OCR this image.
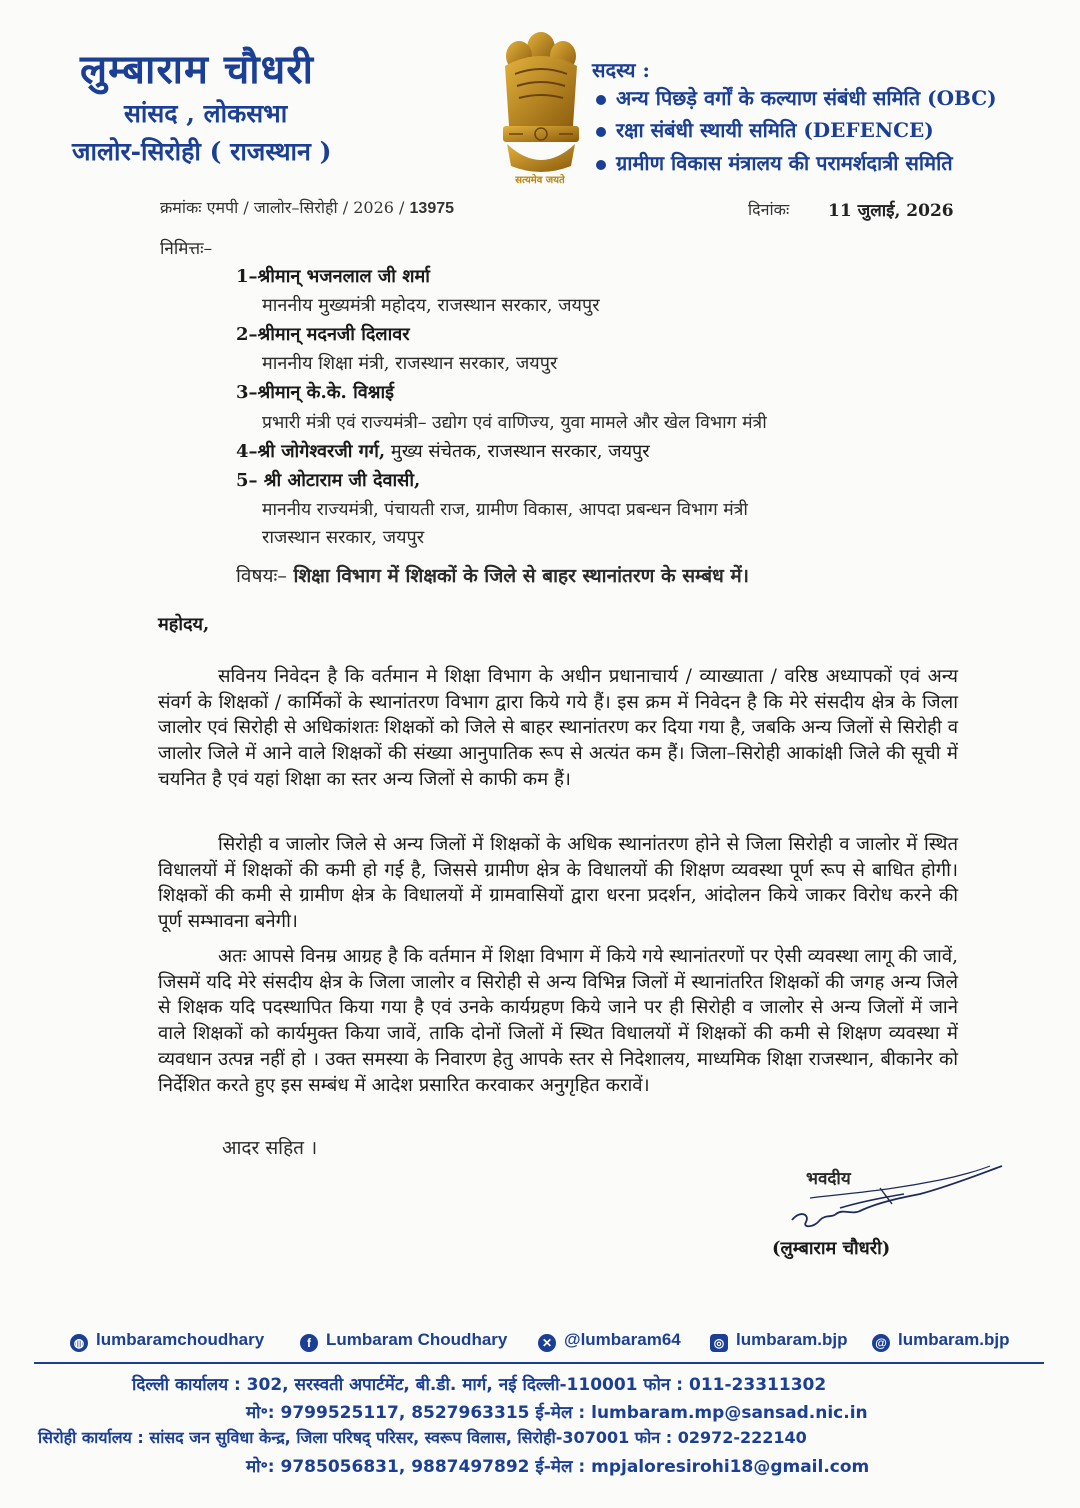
लुम्बाराम चौधरी
सांसद , लोकसभा
जालोर-सिरोही ( राजस्थान )
सत्यमेव जयते
सदस्य :
अन्य पिछड़े वर्गों के कल्याण संबंधी समिति (OBC)
रक्षा संबंधी स्थायी समिति (DEFENCE)
ग्रामीण विकास मंत्रालय की परामर्शदात्री समिति
क्रमांकः एमपी / जालोर–सिरोही / 2026 / 13975	दिनांकः 11 जुलाई, 2026
निमित्तः–
1–श्रीमान् भजनलाल जी शर्मा
माननीय मुख्यमंत्री महोदय, राजस्थान सरकार, जयपुर
2–श्रीमान् मदनजी दिलावर
माननीय शिक्षा मंत्री, राजस्थान सरकार, जयपुर
3–श्रीमान् के.के. विश्नाई
प्रभारी मंत्री एवं राज्यमंत्री– उद्योग एवं वाणिज्य, युवा मामले और खेल विभाग मंत्री
4–श्री जोगेश्वरजी गर्ग, मुख्य संचेतक, राजस्थान सरकार, जयपुर
5– श्री ओटाराम जी देवासी,
माननीय राज्यमंत्री, पंचायती राज, ग्रामीण विकास, आपदा प्रबन्धन विभाग मंत्री
राजस्थान सरकार, जयपुर
विषयः– शिक्षा विभाग में शिक्षकों के जिले से बाहर स्थानांतरण के सम्बंध में।
महोदय,

सविनय निवेदन है कि वर्तमान मे शिक्षा विभाग के अधीन प्रधानाचार्य / व्याख्याता / वरिष्ठ अध्यापकों एवं अन्य संवर्ग के शिक्षकों / कार्मिकों के स्थानांतरण विभाग द्वारा किये गये हैं। इस क्रम में निवेदन है कि मेरे संसदीय क्षेत्र के जिला जालोर एवं सिरोही से अधिकांशतः शिक्षकों को जिले से बाहर स्थानांतरण कर दिया गया है, जबकि अन्य जिलों से सिरोही व जालोर जिले में आने वाले शिक्षकों की संख्या आनुपातिक रूप से अत्यंत कम हैं। जिला–सिरोही आकांक्षी जिले की सूची में चयनित है एवं यहां शिक्षा का स्तर अन्य जिलों से काफी कम हैं।

सिरोही व जालोर जिले से अन्य जिलों में शिक्षकों के अधिक स्थानांतरण होने से जिला सिरोही व जालोर में स्थित विधालयों में शिक्षकों की कमी हो गई है, जिससे ग्रामीण क्षेत्र के विधालयों की शिक्षण व्यवस्था पूर्ण रूप से बाधित होगी। शिक्षकों की कमी से ग्रामीण क्षेत्र के विधालयों में ग्रामवासियों द्वारा धरना प्रदर्शन, आंदोलन किये जाकर विरोध करने की पूर्ण सम्भावना बनेगी।

अतः आपसे विनम्र आग्रह है कि वर्तमान में शिक्षा विभाग में किये गये स्थानांतरणों पर ऐसी व्यवस्था लागू की जावें, जिसमें यदि मेरे संसदीय क्षेत्र के जिला जालोर व सिरोही से अन्य विभिन्न जिलों में स्थानांतरित शिक्षकों की जगह अन्य जिले से शिक्षक यदि पदस्थापित किया गया है एवं उनके कार्यग्रहण किये जाने पर ही सिरोही व जालोर से अन्य जिलों में जाने वाले शिक्षकों को कार्यमुक्त किया जावें, ताकि दोनों जिलों में स्थित विधालयों में शिक्षकों की कमी से शिक्षण व्यवस्था में व्यवधान उत्पन्न नहीं हो । उक्त समस्या के निवारण हेतु आपके स्तर से निदेशालय, माध्यमिक शिक्षा राजस्थान, बीकानेर को निर्देशित करते हुए इस सम्बंध में आदेश प्रसारित करवाकर अनुगृहित करावें।

आदर सहित ।
भवदीय
(लुम्बाराम चौधरी)
◍ lumbaramchoudhary	f Lumbaram Choudhary	✕ @lumbaram64	◎ lumbaram.bjp @ lumbaram.bjp
दिल्ली कार्यालय : 302, सरस्वती अपार्टमेंट, बी.डी. मार्ग, नई दिल्ली-110001 फोन : 011-23311302
मो॰: 9799525117, 8527963315 ई-मेल : lumbaram.mp@sansad.nic.in
सिरोही कार्यालय : सांसद जन सुविधा केन्द्र, जिला परिषद् परिसर, स्वरूप विलास, सिरोही-307001 फोन : 02972-222140
मो॰: 9785056831, 9887497892 ई-मेल : mpjaloresirohi18@gmail.com
